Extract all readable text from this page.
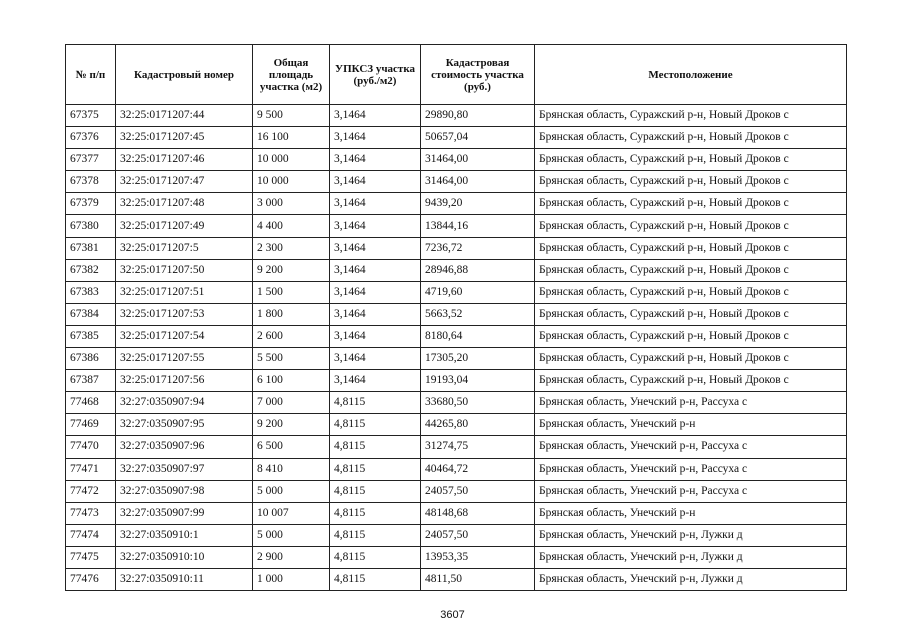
№ п/п	Кадастровый номер	Общая площадь участка (м2)	УПКСЗ участка (руб./м2)	Кадастровая стоимость участка (руб.)	Местоположение
67375	32:25:0171207:44	9 500	3,1464	29890,80	Брянская область, Суражский р-н, Новый Дроков с
67376	32:25:0171207:45	16 100	3,1464	50657,04	Брянская область, Суражский р-н, Новый Дроков с
67377	32:25:0171207:46	10 000	3,1464	31464,00	Брянская область, Суражский р-н, Новый Дроков с
67378	32:25:0171207:47	10 000	3,1464	31464,00	Брянская область, Суражский р-н, Новый Дроков с
67379	32:25:0171207:48	3 000	3,1464	9439,20	Брянская область, Суражский р-н, Новый Дроков с
67380	32:25:0171207:49	4 400	3,1464	13844,16	Брянская область, Суражский р-н, Новый Дроков с
67381	32:25:0171207:5	2 300	3,1464	7236,72	Брянская область, Суражский р-н, Новый Дроков с
67382	32:25:0171207:50	9 200	3,1464	28946,88	Брянская область, Суражский р-н, Новый Дроков с
67383	32:25:0171207:51	1 500	3,1464	4719,60	Брянская область, Суражский р-н, Новый Дроков с
67384	32:25:0171207:53	1 800	3,1464	5663,52	Брянская область, Суражский р-н, Новый Дроков с
67385	32:25:0171207:54	2 600	3,1464	8180,64	Брянская область, Суражский р-н, Новый Дроков с
67386	32:25:0171207:55	5 500	3,1464	17305,20	Брянская область, Суражский р-н, Новый Дроков с
67387	32:25:0171207:56	6 100	3,1464	19193,04	Брянская область, Суражский р-н, Новый Дроков с
77468	32:27:0350907:94	7 000	4,8115	33680,50	Брянская область, Унечский р-н, Рассуха с
77469	32:27:0350907:95	9 200	4,8115	44265,80	Брянская область, Унечский р-н
77470	32:27:0350907:96	6 500	4,8115	31274,75	Брянская область, Унечский р-н, Рассуха с
77471	32:27:0350907:97	8 410	4,8115	40464,72	Брянская область, Унечский р-н, Рассуха с
77472	32:27:0350907:98	5 000	4,8115	24057,50	Брянская область, Унечский р-н, Рассуха с
77473	32:27:0350907:99	10 007	4,8115	48148,68	Брянская область, Унечский р-н
77474	32:27:0350910:1	5 000	4,8115	24057,50	Брянская область, Унечский р-н, Лужки д
77475	32:27:0350910:10	2 900	4,8115	13953,35	Брянская область, Унечский р-н, Лужки д
77476	32:27:0350910:11	1 000	4,8115	4811,50	Брянская область, Унечский р-н, Лужки д
3607
